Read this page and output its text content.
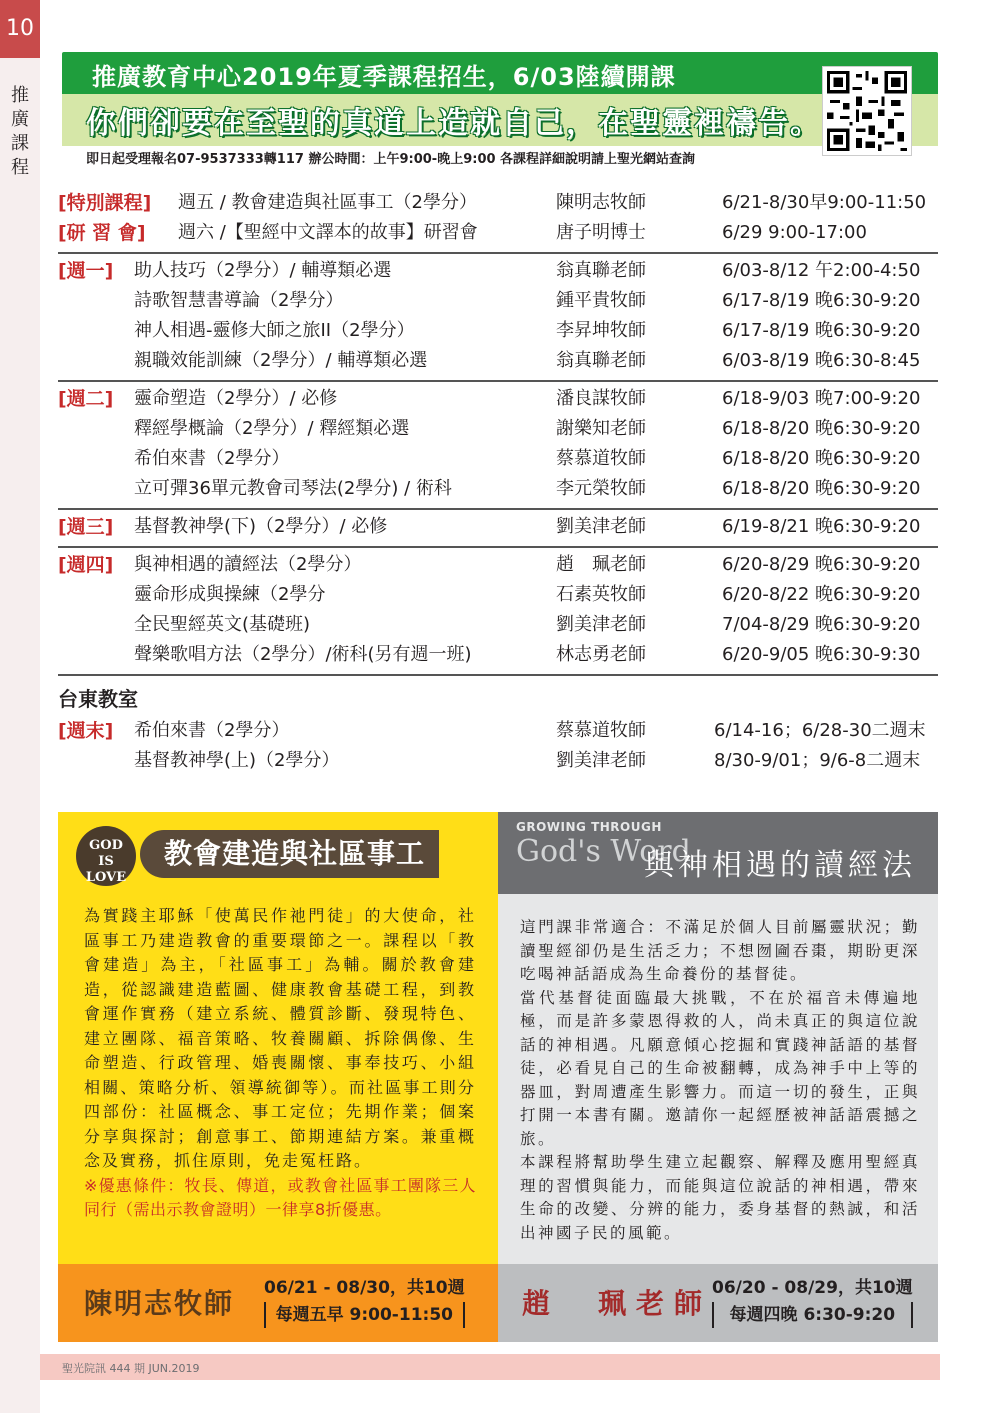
10
推
廣
課
程
推廣教育中心2019年夏季課程招生，6/03陸續開課
你們卻要在至聖的真道上造就自己，在聖靈裡禱告。
即日起受理報名07-9537333轉117 辦公時間：上午9:00-晚上9:00 各課程詳細說明請上聖光網站查詢
[特別課程] 週五 / 教會建造與社區事工（2學分）	陳明志牧師	6/21-8/30早9:00-11:50
[研 習 會] 週六 /【聖經中文譯本的故事】研習會	唐子明博士	6/29 9:00-17:00
[週一] 助人技巧（2學分）/ 輔導類必選	翁真聯老師	6/03-8/12 午2:00-4:50
詩歌智慧書導論（2學分）	鍾平貴牧師	6/17-8/19 晚6:30-9:20
神人相遇-靈修大師之旅II（2學分）	李昇坤牧師	6/17-8/19 晚6:30-9:20
親職效能訓練（2學分）/ 輔導類必選	翁真聯老師	6/03-8/19 晚6:30-8:45
[週二] 靈命塑造（2學分）/ 必修	潘良謀牧師	6/18-9/03 晚7:00-9:20
釋經學概論（2學分）/ 釋經類必選	謝樂知老師	6/18-8/20 晚6:30-9:20
希伯來書（2學分）	蔡慕道牧師	6/18-8/20 晚6:30-9:20
立可彈36單元教會司琴法(2學分) / 術科	李元榮牧師	6/18-8/20 晚6:30-9:20
[週三] 基督教神學(下)（2學分）/ 必修	劉美津老師	6/19-8/21 晚6:30-9:20
[週四] 與神相遇的讀經法（2學分）	趙　珮老師	6/20-8/29 晚6:30-9:20
靈命形成與操練（2學分	石素英牧師	6/20-8/22 晚6:30-9:20
全民聖經英文(基礎班)	劉美津老師	7/04-8/29 晚6:30-9:20
聲樂歌唱方法（2學分）/術科(另有週一班)	林志勇老師	6/20-9/05 晚6:30-9:30
台東教室
[週末] 希伯來書（2學分）	蔡慕道牧師	6/14-16；6/28-30二週末
基督教神學(上)（2學分）	劉美津老師	8/30-9/01；9/6-8二週末
GOD
IS
LOVE
教會建造與社區事工

為實踐主耶穌「使萬民作祂門徒」的大使命，社區事工乃建造教會的重要環節之一。課程以「教會建造」為主，「社區事工」為輔。關於教會建造，從認識建造藍圖、健康教會基礎工程，到教會運作實務（建立系統、體質診斷、發現特色、建立團隊、福音策略、牧養關顧、拆除偶像、生命塑造、行政管理、婚喪關懷、事奉技巧、小組相關、策略分析、領導統御等）。而社區事工則分四部份：社區概念、事工定位；先期作業；個案分享與探討；創意事工、節期連結方案。兼重概念及實務，抓住原則，免走冤枉路。

※優惠條件：牧長、傳道，或教會社區事工團隊三人同行（需出示教會證明）一律享8折優惠。

陳明志牧師 06/21 - 08/30，共10週
每週五早 9:00-11:50
GROWING THROUGH
God's Word
與神相遇的讀經法

這門課非常適合：不滿足於個人目前屬靈狀況；勤讀聖經卻仍是生活乏力；不想囫圇吞棗，期盼更深吃喝神話語成為生命養份的基督徒。

當代基督徒面臨最大挑戰，不在於福音未傳遍地極，而是許多蒙恩得救的人，尚未真正的與這位說話的神相遇。凡願意傾心挖掘和實踐神話語的基督徒，必看見自己的生命被翻轉，成為神手中上等的器皿，對周遭產生影響力。而這一切的發生，正與打開一本書有關。邀請你一起經歷被神話語震撼之旅。

本課程將幫助學生建立起觀察、解釋及應用聖經真理的習慣與能力，而能與這位說話的神相遇，帶來生命的改變、分辨的能力，委身基督的熱誠，和活出神國子民的風範。

趙　珮老師 06/20 - 08/29，共10週
每週四晚 6:30-9:20
聖光院訊 444 期 JUN.2019
